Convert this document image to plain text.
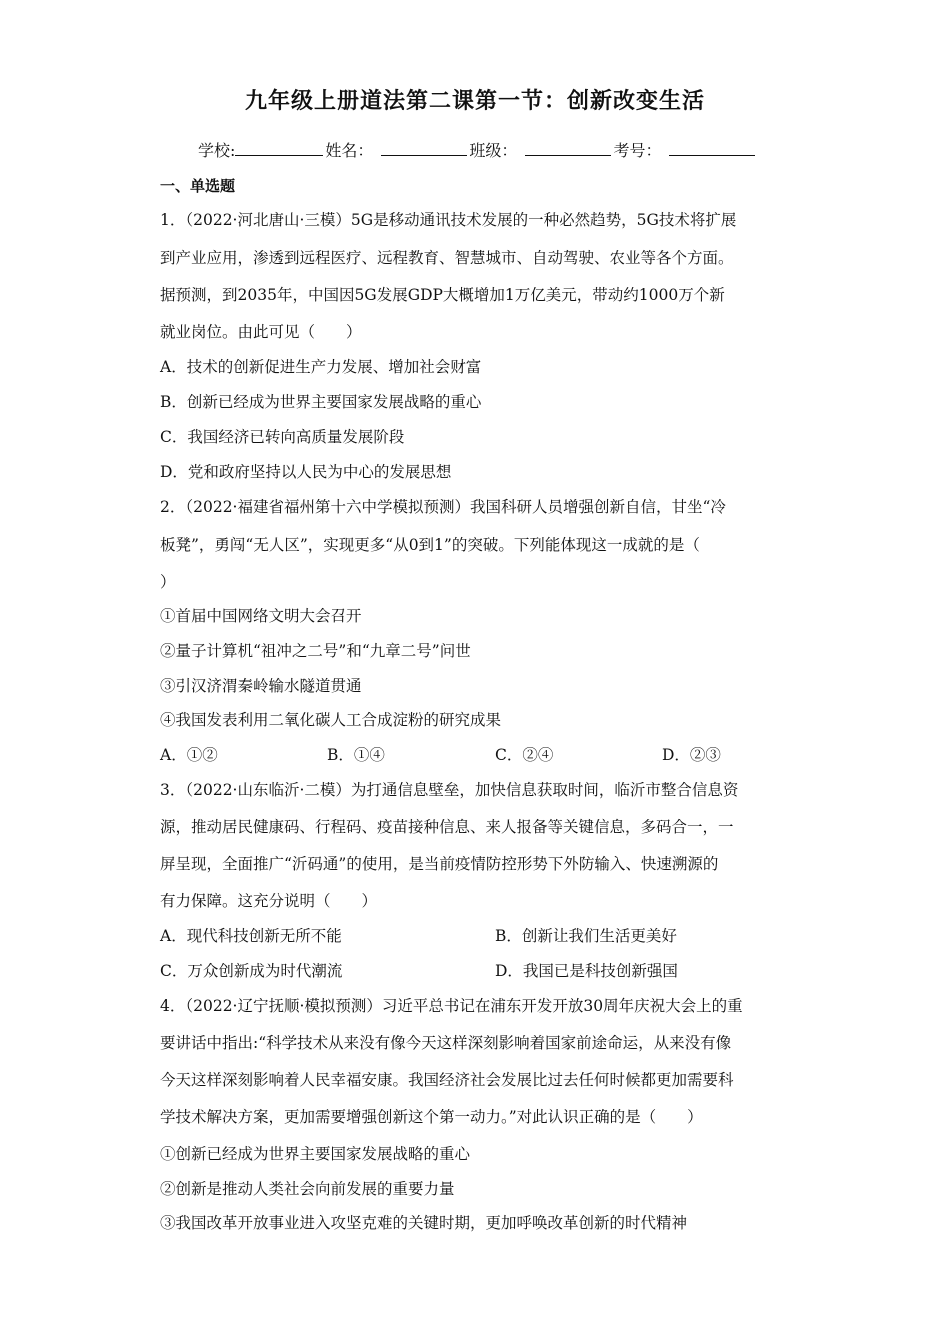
九年级上册道法第二课第一节：创新改变生活
学校:	姓名：	班级：	考号：
一、单选题
1．（2022·河北唐山·三模）5G是移动通讯技术发展的一种必然趋势，5G技术将扩展
到产业应用，渗透到远程医疗、远程教育、智慧城市、自动驾驶、农业等各个方面。
据预测，到2035年，中国因5G发展GDP大概增加1万亿美元，带动约1000万个新
就业岗位。由此可见（　　）
A．技术的创新促进生产力发展、增加社会财富
B．创新已经成为世界主要国家发展战略的重心
C．我国经济已转向高质量发展阶段
D．党和政府坚持以人民为中心的发展思想
2．（2022·福建省福州第十六中学模拟预测）我国科研人员增强创新自信，甘坐“冷
板凳”，勇闯“无人区”，实现更多“从0到1”的突破。下列能体现这一成就的是（
）
①首届中国网络文明大会召开
②量子计算机“祖冲之二号”和“九章二号”问世
③引汉济渭秦岭输水隧道贯通
④我国发表利用二氧化碳人工合成淀粉的研究成果
A．①②	B．①④	C．②④	D．②③
3．（2022·山东临沂·二模）为打通信息壁垒，加快信息获取时间，临沂市整合信息资
源，推动居民健康码、行程码、疫苗接种信息、来人报备等关键信息，多码合一，一
屏呈现，全面推广“沂码通”的使用，是当前疫情防控形势下外防输入、快速溯源的
有力保障。这充分说明（　　）
A．现代科技创新无所不能	B．创新让我们生活更美好
C．万众创新成为时代潮流	D．我国已是科技创新强国
4．（2022·辽宁抚顺·模拟预测）习近平总书记在浦东开发开放30周年庆祝大会上的重
要讲话中指出:“科学技术从来没有像今天这样深刻影响着国家前途命运，从来没有像
今天这样深刻影响着人民幸福安康。我国经济社会发展比过去任何时候都更加需要科
学技术解决方案，更加需要增强创新这个第一动力。”对此认识正确的是（　　）
①创新已经成为世界主要国家发展战略的重心
②创新是推动人类社会向前发展的重要力量
③我国改革开放事业进入攻坚克难的关键时期，更加呼唤改革创新的时代精神
